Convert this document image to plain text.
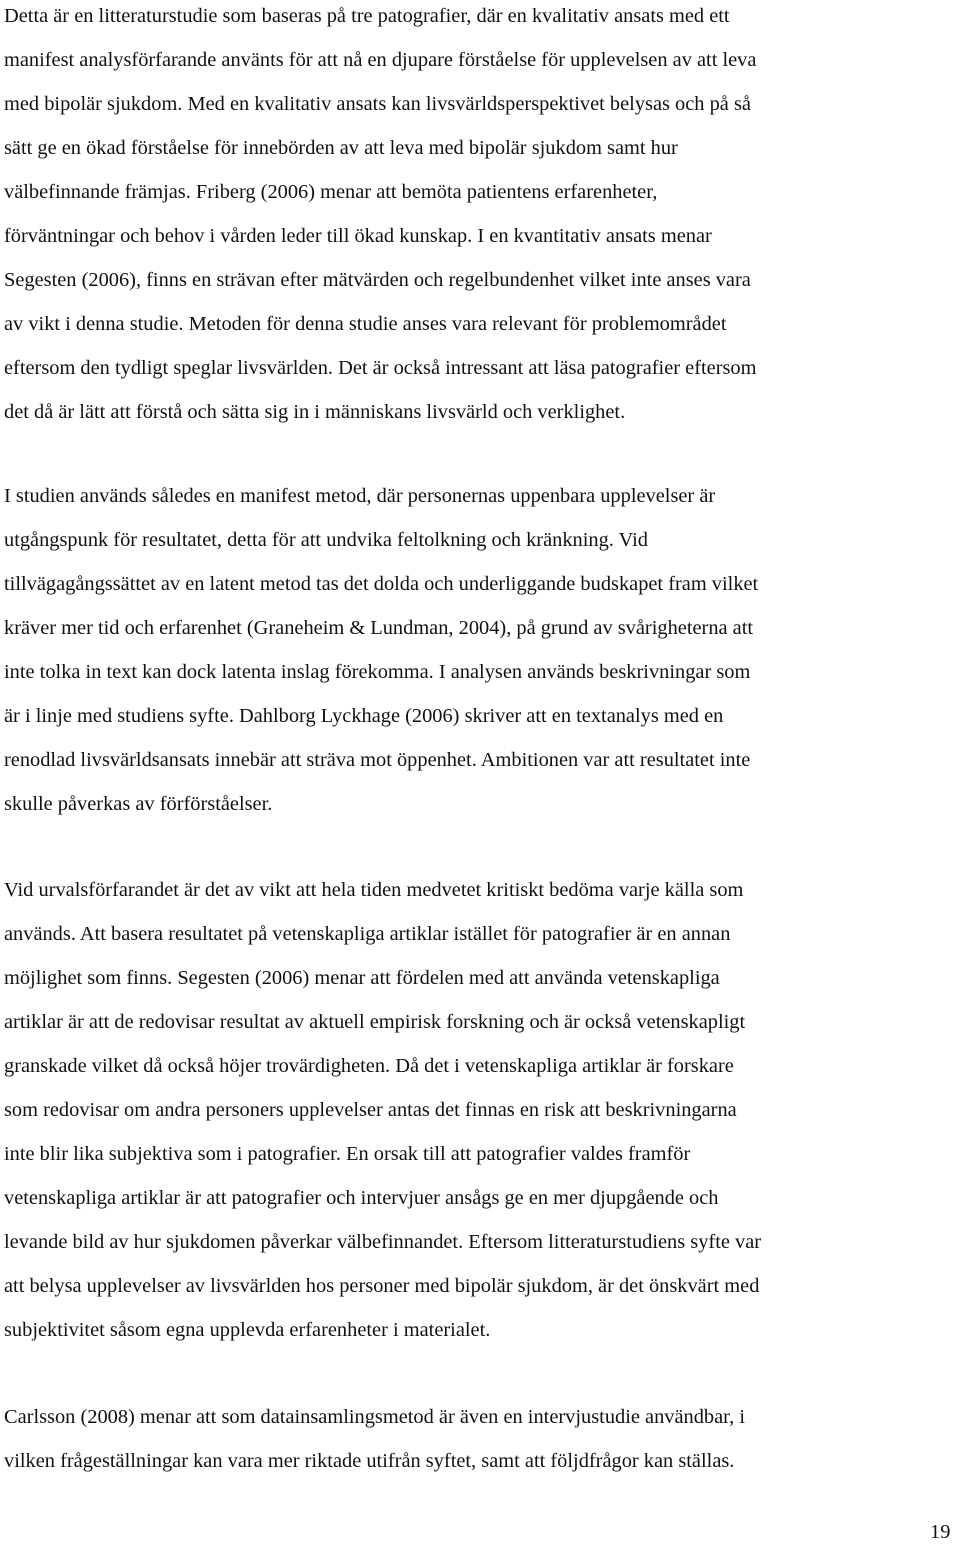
Detta är en litteraturstudie som baseras på tre patografier, där en kvalitativ ansats med ett
manifest analysförfarande använts för att nå en djupare förståelse för upplevelsen av att leva
med bipolär sjukdom. Med en kvalitativ ansats kan livsvärldsperspektivet belysas och på så
sätt ge en ökad förståelse för innebörden av att leva med bipolär sjukdom samt hur
välbefinnande främjas. Friberg (2006) menar att bemöta patientens erfarenheter,
förväntningar och behov i vården leder till ökad kunskap. I en kvantitativ ansats menar
Segesten (2006), finns en strävan efter mätvärden och regelbundenhet vilket inte anses vara
av vikt i denna studie. Metoden för denna studie anses vara relevant för problemområdet
eftersom den tydligt speglar livsvärlden. Det är också intressant att läsa patografier eftersom
det då är lätt att förstå och sätta sig in i människans livsvärld och verklighet.

I studien används således en manifest metod, där personernas uppenbara upplevelser är
utgångspunk för resultatet, detta för att undvika feltolkning och kränkning. Vid
tillvägagångssättet av en latent metod tas det dolda och underliggande budskapet fram vilket
kräver mer tid och erfarenhet (Graneheim & Lundman, 2004), på grund av svårigheterna att
inte tolka in text kan dock latenta inslag förekomma. I analysen används beskrivningar som
är i linje med studiens syfte. Dahlborg Lyckhage (2006) skriver att en textanalys med en
renodlad livsvärldsansats innebär att sträva mot öppenhet. Ambitionen var att resultatet inte
skulle påverkas av förförståelser.

Vid urvalsförfarandet är det av vikt att hela tiden medvetet kritiskt bedöma varje källa som
används. Att basera resultatet på vetenskapliga artiklar istället för patografier är en annan
möjlighet som finns. Segesten (2006) menar att fördelen med att använda vetenskapliga
artiklar är att de redovisar resultat av aktuell empirisk forskning och är också vetenskapligt
granskade vilket då också höjer trovärdigheten. Då det i vetenskapliga artiklar är forskare
som redovisar om andra personers upplevelser antas det finnas en risk att beskrivningarna
inte blir lika subjektiva som i patografier. En orsak till att patografier valdes framför
vetenskapliga artiklar är att patografier och intervjuer ansågs ge en mer djupgående och
levande bild av hur sjukdomen påverkar välbefinnandet. Eftersom litteraturstudiens syfte var
att belysa upplevelser av livsvärlden hos personer med bipolär sjukdom, är det önskvärt med
subjektivitet såsom egna upplevda erfarenheter i materialet.

Carlsson (2008) menar att som datainsamlingsmetod är även en intervjustudie användbar, i
vilken frågeställningar kan vara mer riktade utifrån syftet, samt att följdfrågor kan ställas.

19
